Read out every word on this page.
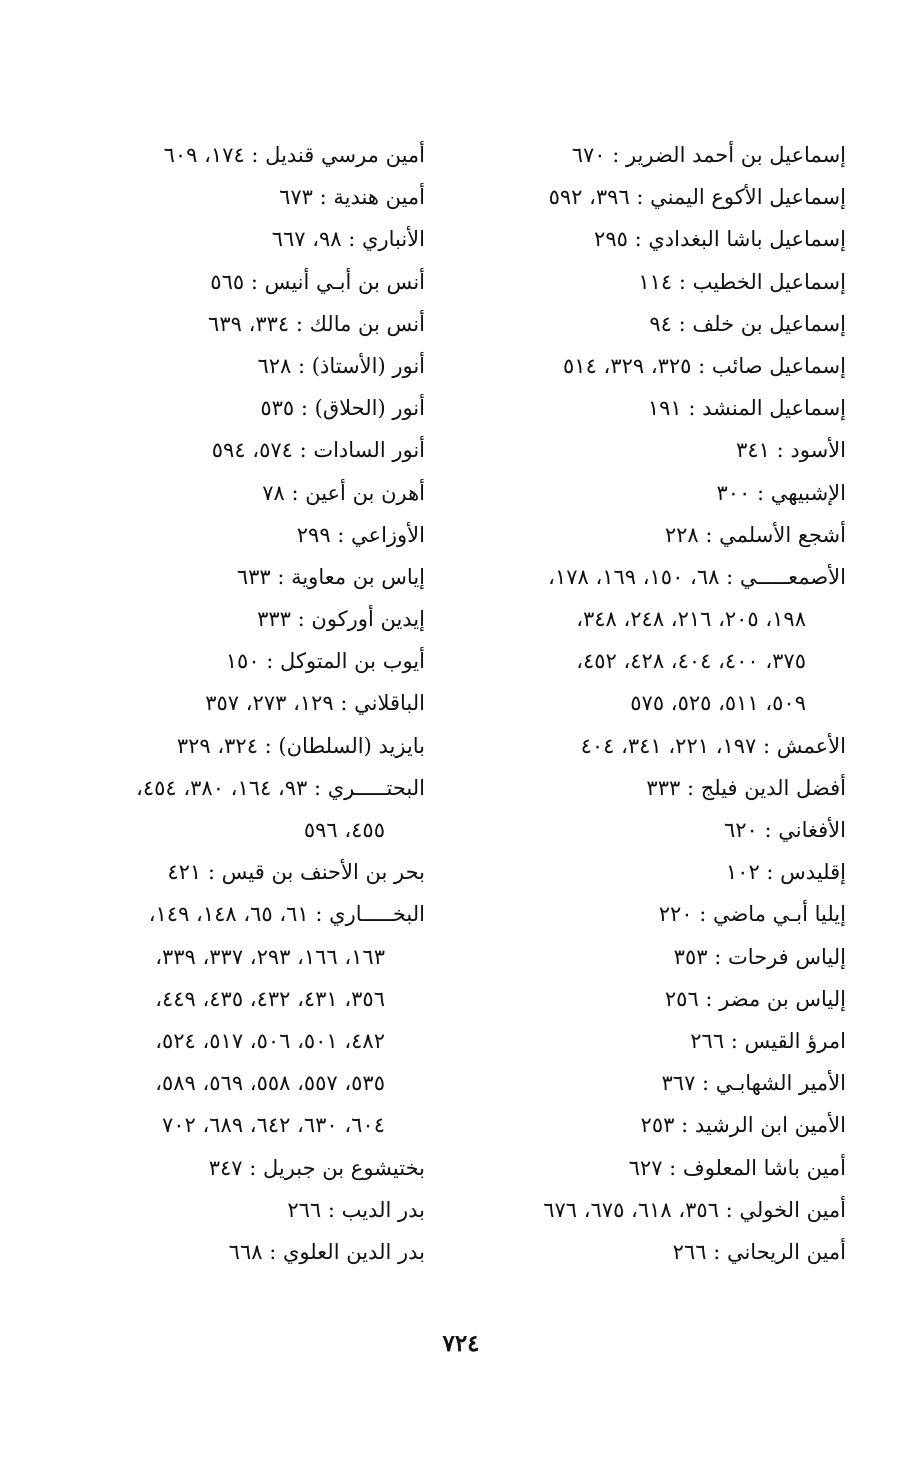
إسماعيل بن أحمد الضرير : ٦٧٠
إسماعيل الأكوع اليمني : ٣٩٦، ٥٩٢
إسماعيل باشا البغدادي : ٢٩٥
إسماعيل الخطيب : ١١٤
إسماعيل بن خلف : ٩٤
إسماعيل صائب : ٣٢٥، ٣٢٩، ٥١٤
إسماعيل المنشد : ١٩١
الأسود : ٣٤١
الإشبيهي : ٣٠٠
أشجع الأسلمي : ٢٢٨
الأصمعـــــي : ٦٨، ١٥٠، ١٦٩، ١٧٨،
١٩٨، ٢٠٥، ٢١٦، ٢٤٨، ٣٤٨،
٣٧٥، ٤٠٠، ٤٠٤، ٤٢٨، ٤٥٢،
٥٠٩، ٥١١، ٥٢٥، ٥٧٥
الأعمش : ١٩٧، ٢٢١، ٣٤١، ٤٠٤
أفضل الدين فيلج : ٣٣٣
الأفغاني : ٦٢٠
إقليدس : ١٠٢
إيليا أبـي ماضي : ٢٢٠
إلياس فرحات : ٣٥٣
إلياس بن مضر : ٢٥٦
امرؤ القيس : ٢٦٦
الأمير الشهابـي : ٣٦٧
الأمين ابن الرشيد : ٢٥٣
أمين باشا المعلوف : ٦٢٧
أمين الخولي : ٣٥٦، ٦١٨، ٦٧٥، ٦٧٦
أمين الريحاني : ٢٦٦
أمين مرسي قنديل : ١٧٤، ٦٠٩
أمين هندية : ٦٧٣
الأنباري : ٩٨، ٦٦٧
أنس بن أبـي أنيس : ٥٦٥
أنس بن مالك : ٣٣٤، ٦٣٩
أنور (الأستاذ) : ٦٢٨
أنور (الحلاق) : ٥٣٥
أنور السادات : ٥٧٤، ٥٩٤
أهرن بن أعين : ٧٨
الأوزاعي : ٢٩٩
إياس بن معاوية : ٦٣٣
إيدين أوركون : ٣٣٣
أيوب بن المتوكل : ١٥٠
الباقلاني : ١٢٩، ٢٧٣، ٣٥٧
بايزيد (السلطان) : ٣٢٤، ٣٢٩
البحتـــــري : ٩٣، ١٦٤، ٣٨٠، ٤٥٤،
٤٥٥، ٥٩٦
بحر بن الأحنف بن قيس : ٤٢١
البخـــــاري : ٦١، ٦٥، ١٤٨، ١٤٩،
١٦٣، ١٦٦، ٢٩٣، ٣٣٧، ٣٣٩،
٣٥٦، ٤٣١، ٤٣٢، ٤٣٥، ٤٤٩،
٤٨٢، ٥٠١، ٥٠٦، ٥١٧، ٥٢٤،
٥٣٥، ٥٥٧، ٥٥٨، ٥٦٩، ٥٨٩،
٦٠٤، ٦٣٠، ٦٤٢، ٦٨٩، ٧٠٢
بختيشوع بن جبريل : ٣٤٧
بدر الديب : ٢٦٦
بدر الدين العلوي : ٦٦٨
٧٢٤
